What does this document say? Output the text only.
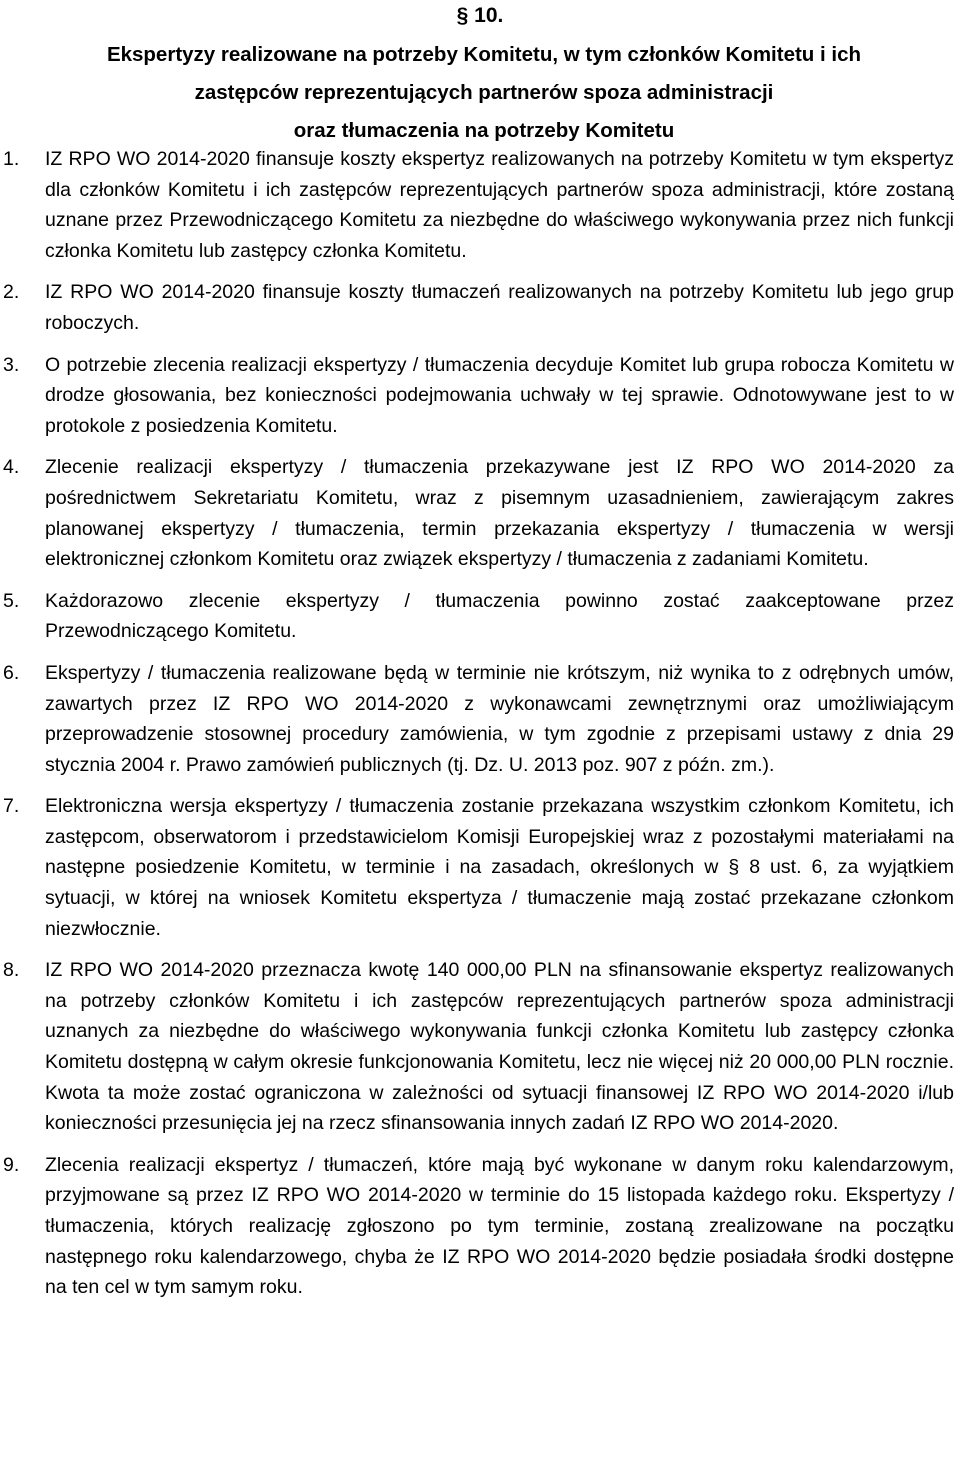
§ 10.
Ekspertyzy realizowane na potrzeby Komitetu, w tym członków Komitetu i ich
zastępców reprezentujących partnerów spoza administracji
oraz tłumaczenia na potrzeby Komitetu
1.	IZ RPO WO 2014-2020 finansuje koszty ekspertyz realizowanych na potrzeby Komitetu w tym ekspertyz dla członków Komitetu i ich zastępców reprezentujących partnerów spoza administracji, które zostaną uznane przez Przewodniczącego Komitetu za niezbędne do właściwego wykonywania przez nich funkcji członka Komitetu lub zastępcy członka Komitetu.
2.	IZ RPO WO 2014-2020 finansuje koszty tłumaczeń realizowanych na potrzeby Komitetu lub jego grup roboczych.
3.	O potrzebie zlecenia realizacji ekspertyzy / tłumaczenia decyduje Komitet lub grupa robocza Komitetu w drodze głosowania, bez konieczności podejmowania uchwały w tej sprawie. Odnotowywane jest to w protokole z posiedzenia Komitetu.
4.	Zlecenie realizacji ekspertyzy / tłumaczenia przekazywane jest IZ RPO WO 2014-2020 za pośrednictwem Sekretariatu Komitetu, wraz z pisemnym uzasadnieniem, zawierającym zakres planowanej ekspertyzy / tłumaczenia, termin przekazania ekspertyzy / tłumaczenia w wersji elektronicznej członkom Komitetu oraz związek ekspertyzy / tłumaczenia z zadaniami Komitetu.
5.	Każdorazowo zlecenie ekspertyzy / tłumaczenia powinno zostać zaakceptowane przez Przewodniczącego Komitetu.
6.	Ekspertyzy / tłumaczenia realizowane będą w terminie nie krótszym, niż wynika to z odrębnych umów, zawartych przez IZ RPO WO 2014-2020 z wykonawcami zewnętrznymi oraz umożliwiającym przeprowadzenie stosownej procedury zamówienia, w tym zgodnie z przepisami ustawy z dnia 29 stycznia 2004 r. Prawo zamówień publicznych (tj. Dz. U. 2013 poz. 907 z późn. zm.).
7.	Elektroniczna wersja ekspertyzy / tłumaczenia zostanie przekazana wszystkim członkom Komitetu, ich zastępcom, obserwatorom i przedstawicielom Komisji Europejskiej wraz z pozostałymi materiałami na następne posiedzenie Komitetu, w terminie i na zasadach, określonych w § 8 ust. 6, za wyjątkiem sytuacji, w której na wniosek Komitetu ekspertyza / tłumaczenie mają zostać przekazane członkom niezwłocznie.
8.	IZ RPO WO 2014-2020 przeznacza kwotę 140 000,00 PLN na sfinansowanie ekspertyz realizowanych na potrzeby członków Komitetu i ich zastępców reprezentujących partnerów spoza administracji uznanych za niezbędne do właściwego wykonywania funkcji członka Komitetu lub zastępcy członka Komitetu dostępną w całym okresie funkcjonowania Komitetu, lecz nie więcej niż 20 000,00 PLN rocznie. Kwota ta może zostać ograniczona w zależności od sytuacji finansowej IZ RPO WO 2014-2020 i/lub konieczności przesunięcia jej na rzecz sfinansowania innych zadań IZ RPO WO 2014-2020.
9.	Zlecenia realizacji ekspertyz / tłumaczeń, które mają być wykonane w danym roku kalendarzowym, przyjmowane są przez IZ RPO WO 2014-2020 w terminie do 15 listopada każdego roku. Ekspertyzy / tłumaczenia, których realizację zgłoszono po tym terminie, zostaną zrealizowane na początku następnego roku kalendarzowego, chyba że IZ RPO WO 2014-2020 będzie posiadała środki dostępne na ten cel w tym samym roku.
